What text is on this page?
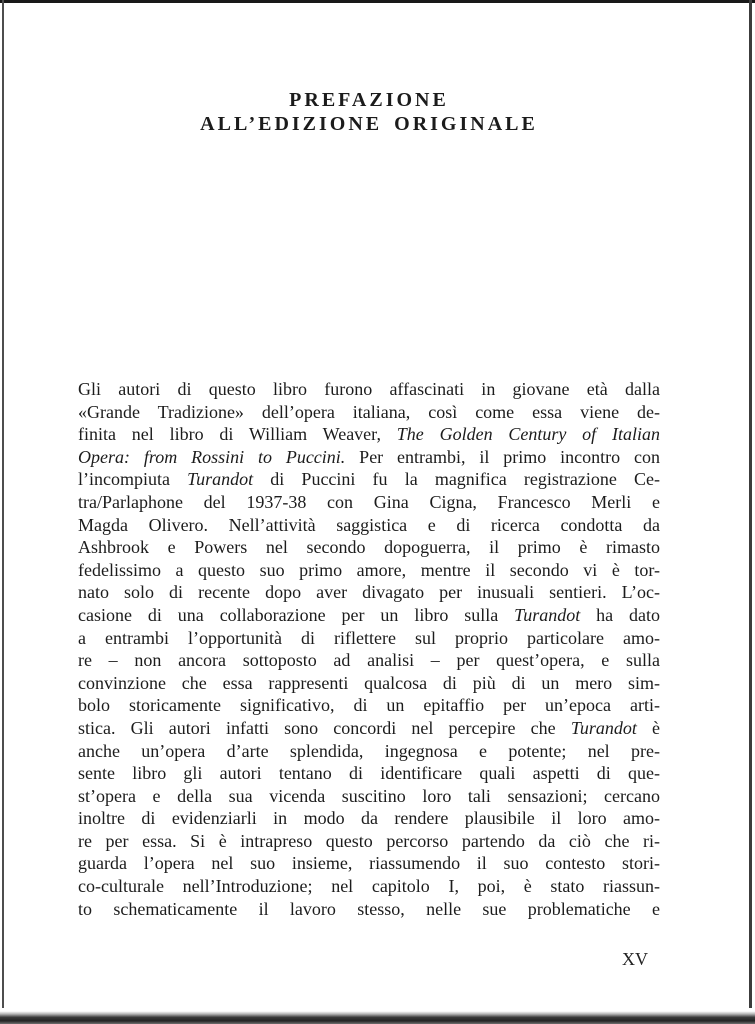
PREFAZIONE
ALL’EDIZIONE ORIGINALE
Gli autori di questo libro furono affascinati in giovane età dalla
«Grande Tradizione» dell’opera italiana, così come essa viene de-
finita nel libro di William Weaver, The Golden Century of Italian
Opera: from Rossini to Puccini. Per entrambi, il primo incontro con
l’incompiuta Turandot di Puccini fu la magnifica registrazione Ce-
tra/Parlaphone del 1937-38 con Gina Cigna, Francesco Merli e
Magda Olivero. Nell’attività saggistica e di ricerca condotta da
Ashbrook e Powers nel secondo dopoguerra, il primo è rimasto
fedelissimo a questo suo primo amore, mentre il secondo vi è tor-
nato solo di recente dopo aver divagato per inusuali sentieri. L’oc-
casione di una collaborazione per un libro sulla Turandot ha dato
a entrambi l’opportunità di riflettere sul proprio particolare amo-
re – non ancora sottoposto ad analisi – per quest’opera, e sulla
convinzione che essa rappresenti qualcosa di più di un mero sim-
bolo storicamente significativo, di un epitaffio per un’epoca arti-
stica. Gli autori infatti sono concordi nel percepire che Turandot è
anche un’opera d’arte splendida, ingegnosa e potente; nel pre-
sente libro gli autori tentano di identificare quali aspetti di que-
st’opera e della sua vicenda suscitino loro tali sensazioni; cercano
inoltre di evidenziarli in modo da rendere plausibile il loro amo-
re per essa. Si è intrapreso questo percorso partendo da ciò che ri-
guarda l’opera nel suo insieme, riassumendo il suo contesto stori-
co-culturale nell’Introduzione; nel capitolo I, poi, è stato riassun-
to schematicamente il lavoro stesso, nelle sue problematiche e
XV
